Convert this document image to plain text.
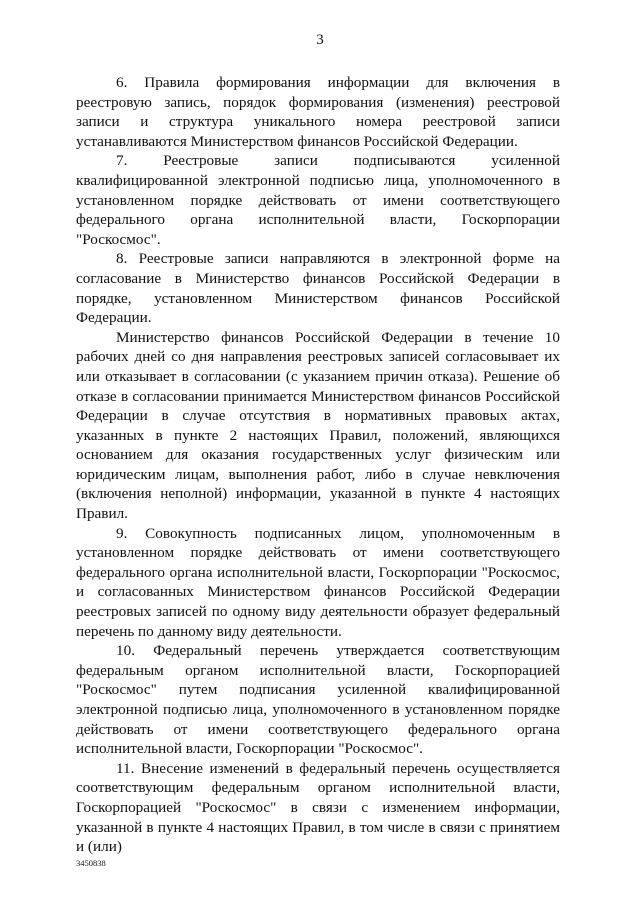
3

6. Правила формирования информации для включения в реестровую запись, порядок формирования (изменения) реестровой записи и структура уникального номера реестровой записи устанавливаются Министерством финансов Российской Федерации.

7. Реестровые записи подписываются усиленной квалифицированной электронной подписью лица, уполномоченного в установленном порядке действовать от имени соответствующего федерального органа исполнительной власти, Госкорпорации "Роскосмос".

8. Реестровые записи направляются в электронной форме на согласование в Министерство финансов Российской Федерации в порядке, установленном Министерством финансов Российской Федерации.

Министерство финансов Российской Федерации в течение 10 рабочих дней со дня направления реестровых записей согласовывает их или отказывает в согласовании (с указанием причин отказа). Решение об отказе в согласовании принимается Министерством финансов Российской Федерации в случае отсутствия в нормативных правовых актах, указанных в пункте 2 настоящих Правил, положений, являющихся основанием для оказания государственных услуг физическим или юридическим лицам, выполнения работ, либо в случае невключения (включения неполной) информации, указанной в пункте 4 настоящих Правил.

9. Совокупность подписанных лицом, уполномоченным в установленном порядке действовать от имени соответствующего федерального органа исполнительной власти, Госкорпорации "Роскосмос, и согласованных Министерством финансов Российской Федерации реестровых записей по одному виду деятельности образует федеральный перечень по данному виду деятельности.

10. Федеральный перечень утверждается соответствующим федеральным органом исполнительной власти, Госкорпорацией "Роскосмос" путем подписания усиленной квалифицированной электронной подписью лица, уполномоченного в установленном порядке действовать от имени соответствующего федерального органа исполнительной власти, Госкорпорации "Роскосмос".

11. Внесение изменений в федеральный перечень осуществляется соответствующим федеральным органом исполнительной власти, Госкорпорацией "Роскосмос" в связи с изменением информации, указанной в пункте 4 настоящих Правил, в том числе в связи с принятием и (или)

3450838
